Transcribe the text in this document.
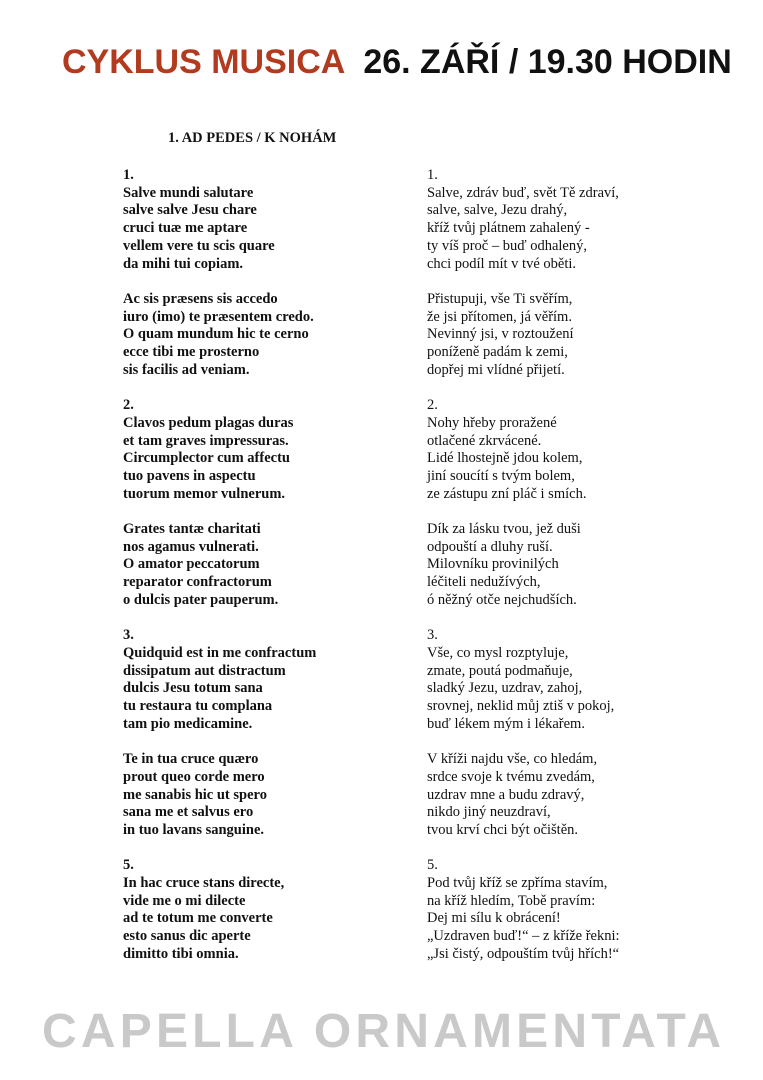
CYKLUS MUSICA 26. ZÁŘÍ / 19.30 HODIN
1. AD PEDES / K NOHÁM
1.
Salve mundi salutare
salve salve Jesu chare
cruci tuæ me aptare
vellem vere tu scis quare
da mihi tui copiam.
Ac sis præsens sis accedo
iuro (imo) te præsentem credo.
O quam mundum hic te cerno
ecce tibi me prosterno
sis facilis ad veniam.
2.
Clavos pedum plagas duras
et tam graves impressuras.
Circumplector cum affectu
tuo pavens in aspectu
tuorum memor vulnerum.
Grates tantæ charitati
nos agamus vulnerati.
O amator peccatorum
reparator confractorum
o dulcis pater pauperum.
3.
Quidquid est in me confractum
dissipatum aut distractum
dulcis Jesu totum sana
tu restaura tu complana
tam pio medicamine.
Te in tua cruce quæro
prout queo corde mero
me sanabis hic ut spero
sana me et salvus ero
in tuo lavans sanguine.
5.
In hac cruce stans directe,
vide me o mi dilecte
ad te totum me converte
esto sanus dic aperte
dimitto tibi omnia.
1.
Salve, zdráv buď, svět Tě zdraví,
salve, salve, Jezu drahý,
kříž tvůj plátnem zahalený -
ty víš proč – buď odhalený,
chci podíl mít v tvé oběti.
Přistupuji, vše Ti svěřím,
že jsi přítomen, já věřím.
Nevinný jsi, v roztoužení
poníženě padám k zemi,
dopřej mi vlídné přijetí.
2.
Nohy hřeby proražené
otlačené zkrvácené.
Lidé lhostejně jdou kolem,
jiní soucítí s tvým bolem,
ze zástupu zní pláč i smích.
Dík za lásku tvou, jež duši
odpouští a dluhy ruší.
Milovníku provinilých
léčiteli nedužívých,
ó něžný otče nejchudších.
3.
Vše, co mysl rozptyluje,
zmate, poutá podmaňuje,
sladký Jezu, uzdrav, zahoj,
srovnej, neklid můj ztiš v pokoj,
buď lékem mým i lékařem.
V kříži najdu vše, co hledám,
srdce svoje k tvému zvedám,
uzdrav mne a budu zdravý,
nikdo jiný neuzdraví,
tvou krví chci být očištěn.
5.
Pod tvůj kříž se zpříma stavím,
na kříž hledím, Tobě pravím:
Dej mi sílu k obrácení!
„Uzdraven buď!“ – z kříže řekni:
„Jsi čistý, odpouštím tvůj hřích!“
CAPELLA ORNAMENTATA
